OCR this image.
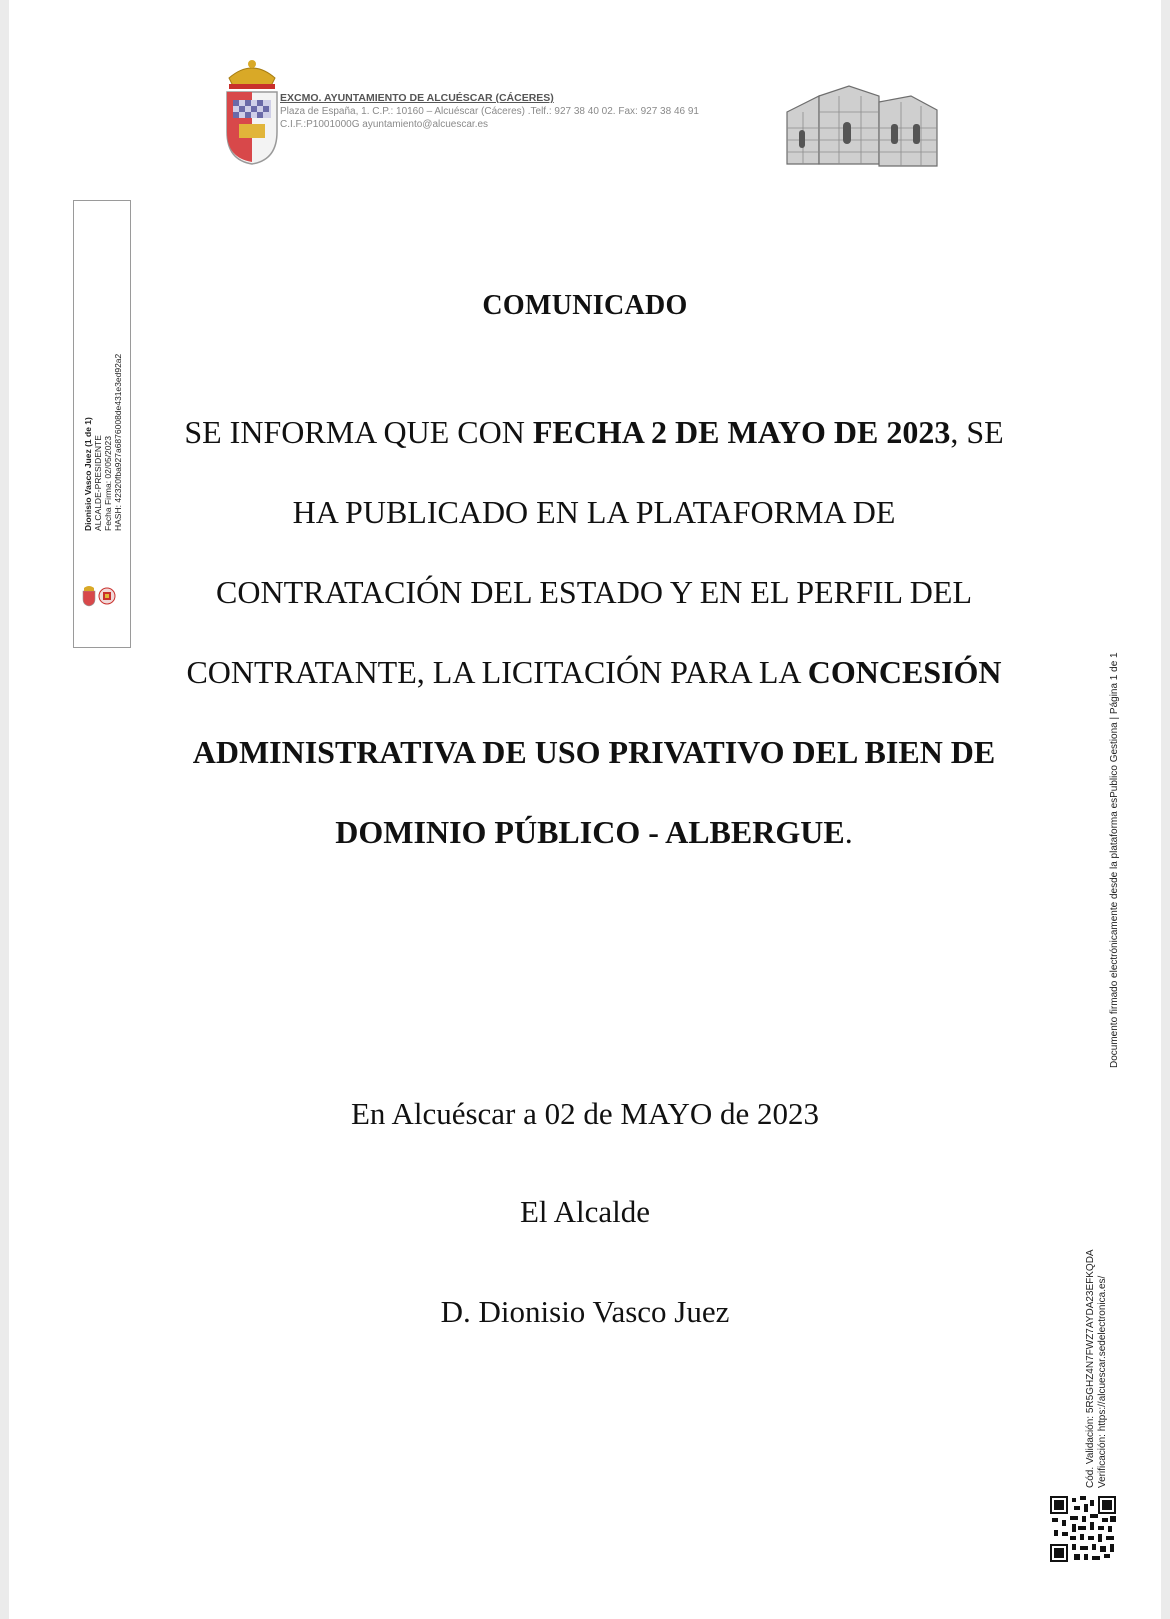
EXCMO. AYUNTAMIENTO DE ALCUÉSCAR (CÁCERES)
Plaza de España, 1. C.P.: 10160 – Alcuéscar (Cáceres) .Telf.: 927 38 40 02. Fax: 927 38 46 91
C.I.F.:P1001000G ayuntamiento@alcuescar.es
Dionisio Vasco Juez (1 de 1) ALCALDE-PRESIDENTE Fecha Firma: 02/05/2023 HASH: 42320fba927a6876008de431e3ed92a2
COMUNICADO
SE INFORMA QUE CON FECHA 2 DE MAYO DE 2023, SE HA PUBLICADO EN LA PLATAFORMA DE CONTRATACIÓN DEL ESTADO Y EN EL PERFIL DEL CONTRATANTE, LA LICITACIÓN PARA LA CONCESIÓN ADMINISTRATIVA DE USO PRIVATIVO DEL BIEN DE DOMINIO PÚBLICO - ALBERGUE.
En Alcuéscar a 02 de MAYO de 2023
El Alcalde
D. Dionisio Vasco Juez	Cód. Validación: 5R5GHZ4N7FWZ7AYDA23EFKQDA Verificación: https://alcuescar.sedelectronica.es/
Documento firmado electrónicamente desde la plataforma esPublico Gestiona | Página 1 de 1
